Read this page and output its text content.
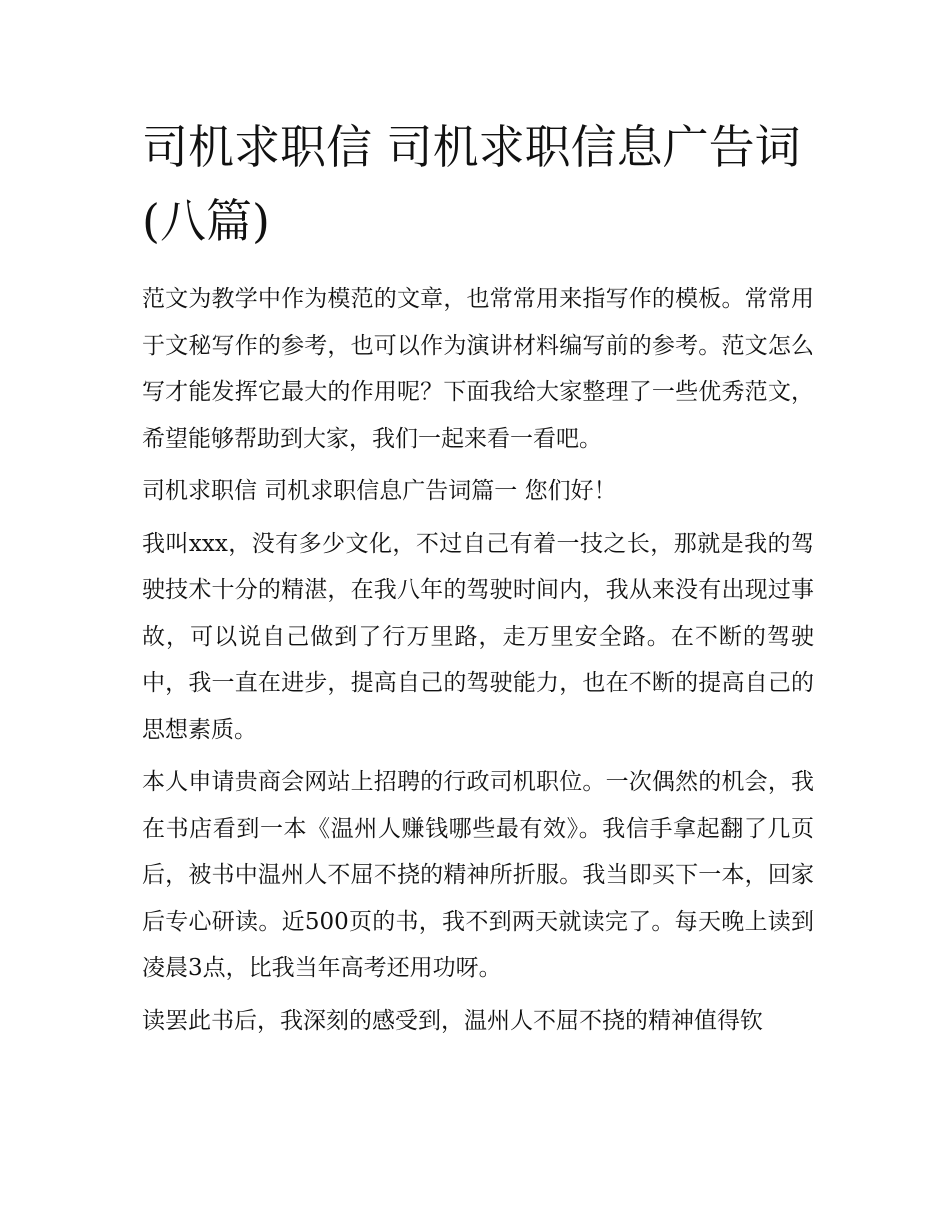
司机求职信 司机求职信息广告词(八篇)

范文为教学中作为模范的文章，也常常用来指写作的模板。常常用于文秘写作的参考，也可以作为演讲材料编写前的参考。范文怎么写才能发挥它最大的作用呢？下面我给大家整理了一些优秀范文，希望能够帮助到大家，我们一起来看一看吧。

司机求职信 司机求职信息广告词篇一 您们好！

我叫xxx，没有多少文化，不过自己有着一技之长，那就是我的驾驶技术十分的精湛，在我八年的驾驶时间内，我从来没有出现过事故，可以说自己做到了行万里路，走万里安全路。在不断的驾驶中，我一直在进步，提高自己的驾驶能力，也在不断的提高自己的思想素质。

本人申请贵商会网站上招聘的行政司机职位。一次偶然的机会，我在书店看到一本《温州人赚钱哪些最有效》。我信手拿起翻了几页后，被书中温州人不屈不挠的精神所折服。我当即买下一本，回家后专心研读。近500页的书，我不到两天就读完了。每天晚上读到凌晨3点，比我当年高考还用功呀。

读罢此书后，我深刻的感受到，温州人不屈不挠的精神值得钦
